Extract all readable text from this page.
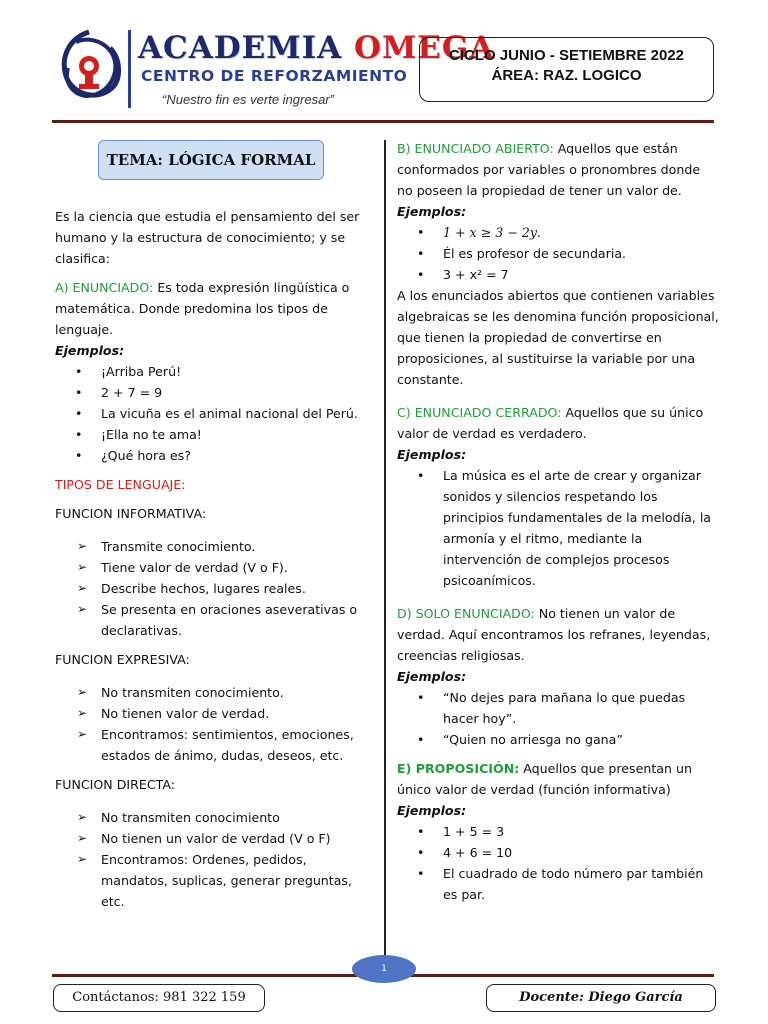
ACADEMIA OMEGA
CENTRO DE REFORZAMIENTO
“Nuestro fin es verte ingresar”
CICLO JUNIO - SETIEMBRE 2022
ÁREA: RAZ. LOGICO
TEMA: LÓGICA FORMAL

Es la ciencia que estudia el pensamiento del ser humano y la estructura de conocimiento; y se clasifica:

A) ENUNCIADO: Es toda expresión lingüística o matemática. Donde predomina los tipos de lenguaje.

Ejemplos:

• ¡Arriba Perú!
• 2 + 7 = 9
• La vicuña es el animal nacional del Perú.
• ¡Ella no te ama!
• ¿Qué hora es?

TIPOS DE LENGUAJE:

FUNCION INFORMATIVA:

➢ Transmite conocimiento.
➢ Tiene valor de verdad (V o F).
➢ Describe hechos, lugares reales.
➢ Se presenta en oraciones aseverativas o declarativas.

FUNCION EXPRESIVA:

➢ No transmiten conocimiento.
➢ No tienen valor de verdad.
➢ Encontramos: sentimientos, emociones, estados de ánimo, dudas, deseos, etc.

FUNCION DIRECTA:

➢ No transmiten conocimiento
➢ No tienen un valor de verdad (V o F)
➢ Encontramos: Ordenes, pedidos, mandatos, suplicas, generar preguntas, etc.

B) ENUNCIADO ABIERTO: Aquellos que están conformados por variables o pronombres donde no poseen la propiedad de tener un valor de.

Ejemplos:

• 1 + 𝑥 ≥ 3 − 2𝑦.
• Él es profesor de secundaria.
• 3 + x² = 7

A los enunciados abiertos que contienen variables algebraicas se les denomina función proposicional, que tienen la propiedad de convertirse en proposiciones, al sustituirse la variable por una constante.

C) ENUNCIADO CERRADO: Aquellos que su único valor de verdad es verdadero.

Ejemplos:

• La música es el arte de crear y organizar sonidos y silencios respetando los principios fundamentales de la melodía, la armonía y el ritmo, mediante la intervención de complejos procesos psicoanímicos.

D) SOLO ENUNCIADO: No tienen un valor de verdad. Aquí encontramos los refranes, leyendas, creencias religiosas.

Ejemplos:

• “No dejes para mañana lo que puedas hacer hoy”.
• “Quien no arriesga no gana”

E) PROPOSICIÓN: Aquellos que presentan un único valor de verdad (función informativa)

Ejemplos:

• 1 + 5 = 3
• 4 + 6 = 10
• El cuadrado de todo número par también es par.
Contáctanos: 981 322 159
1
Docente: Diego García
